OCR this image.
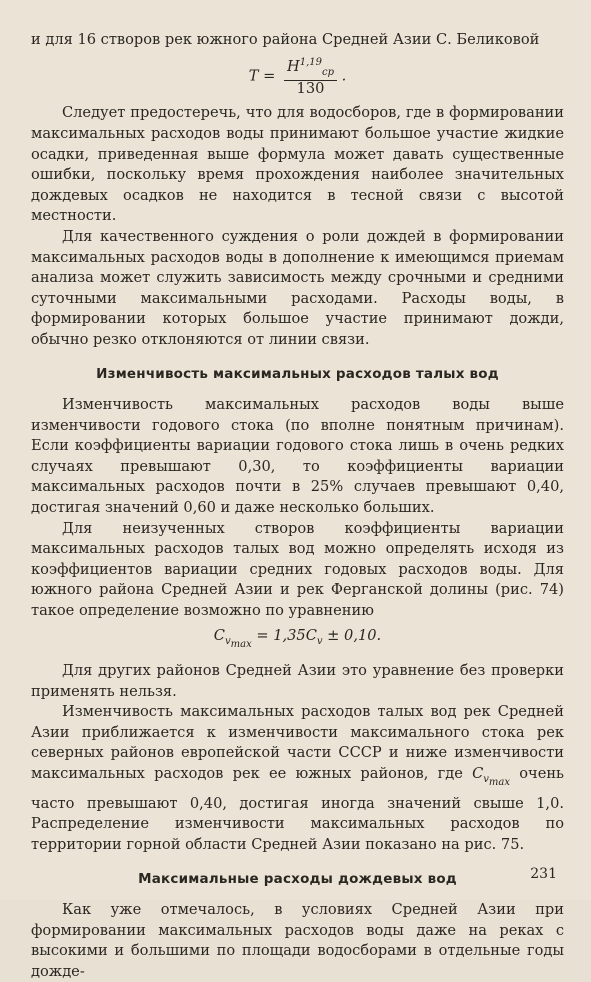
и для 16 створов рек южного района Средней Азии С. Беликовой

$T = \frac{H^{1,19}_{ср}}{130}$ .

Следует предостеречь, что для водосборов, где в формировании максимальных расходов воды принимают большое участие жидкие осадки, приведенная выше формула может давать существенные ошибки, поскольку время прохождения наиболее значительных дождевых осадков не находится в тесной связи с высотой местности.

Для качественного суждения о роли дождей в формировании максимальных расходов воды в дополнение к имеющимся приемам анализа может служить зависимость между срочными и средними суточными максимальными расходами. Расходы воды, в формировании которых большое участие принимают дожди, обычно резко отклоняются от линии связи.

Изменчивость максимальных расходов талых вод

Изменчивость максимальных расходов воды выше изменчивости годового стока (по вполне понятным причинам). Если коэффициенты вариации годового стока лишь в очень редких случаях превышают 0,30, то коэффициенты вариации максимальных расходов почти в 25% случаев превышают 0,40, достигая значений 0,60 и даже несколько больших.

Для неизученных створов коэффициенты вариации максимальных расходов талых вод можно определять исходя из коэффициентов вариации средних годовых расходов воды. Для южного района Средней Азии и рек Ферганской долины (рис. 74) такое определение возможно по уравнению

$C_{v_{max}} = 1,35C_v \pm 0,10$.

Для других районов Средней Азии это уравнение без проверки применять нельзя.

Изменчивость максимальных расходов талых вод рек Средней Азии приближается к изменчивости максимального стока рек северных районов европейской части СССР и ниже изменчивости максимальных расходов рек ее южных районов, где $C_{v_{max}}$ очень часто превышают 0,40, достигая иногда значений свыше 1,0. Распределение изменчивости максимальных расходов по территории горной области Средней Азии показано на рис. 75.

Максимальные расходы дождевых вод

Как уже отмечалось, в условиях Средней Азии при формировании максимальных расходов воды даже на реках с высокими и большими по площади водосборами в отдельные годы дожде-

231
